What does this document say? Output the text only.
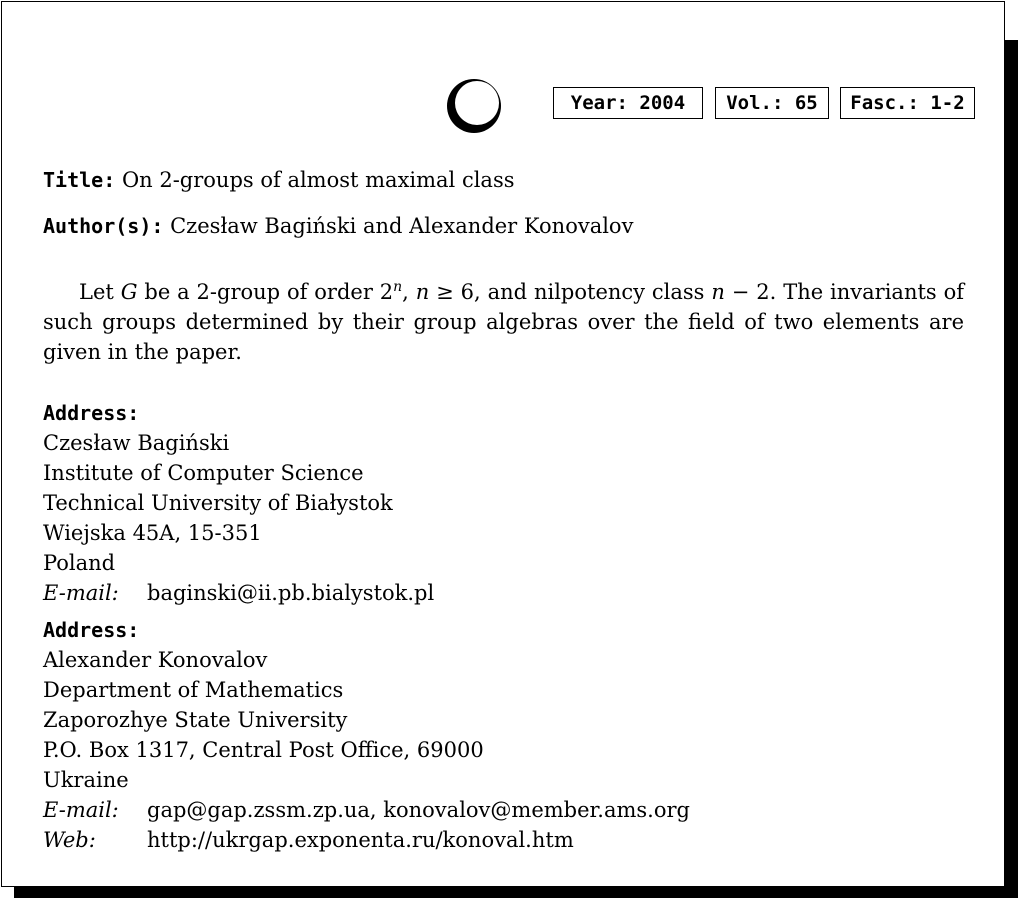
Year: 2004	Vol.: 65	Fasc.: 1-2
Title: On 2-groups of almost maximal class
Author(s): Czesław Bagiński and Alexander Konovalov
Let G be a 2-group of order 2$^n$, n ≥ 6, and nilpotency class n − 2. The invariants of such groups determined by their group algebras over the field of two elements are given in the paper.
Address:
Czesław Bagiński
Institute of Computer Science
Technical University of Białystok
Wiejska 45A, 15-351
Poland
E-mail: baginski@ii.pb.bialystok.pl
Address:
Alexander Konovalov
Department of Mathematics
Zaporozhye State University
P.O. Box 1317, Central Post Office, 69000
Ukraine
E-mail: gap@gap.zssm.zp.ua, konovalov@member.ams.org
Web: http://ukrgap.exponenta.ru/konoval.htm
